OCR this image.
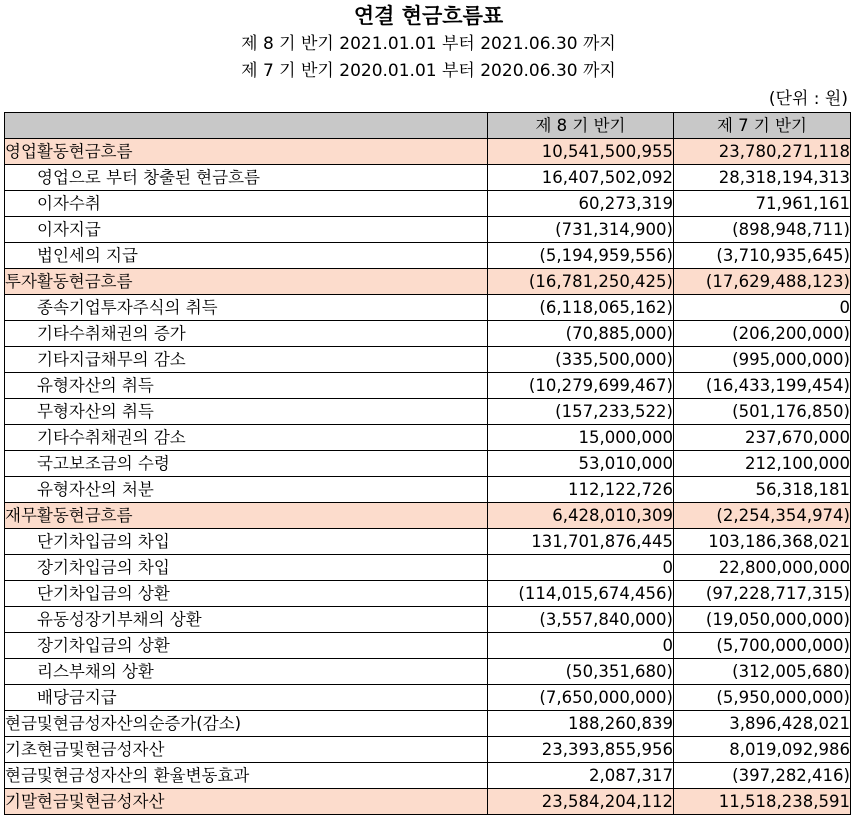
연결 현금흐름표
제 8 기 반기 2021.01.01 부터 2021.06.30 까지
제 7 기 반기 2020.01.01 부터 2020.06.30 까지
(단위 : 원)
	제 8 기 반기	제 7 기 반기
영업활동현금흐름	10,541,500,955	23,780,271,118
영업으로 부터 창출된 현금흐름	16,407,502,092	28,318,194,313
이자수취	60,273,319	71,961,161
이자지급	(731,314,900)	(898,948,711)
법인세의 지급	(5,194,959,556)	(3,710,935,645)
투자활동현금흐름	(16,781,250,425)	(17,629,488,123)
종속기업투자주식의 취득	(6,118,065,162)	0
기타수취채권의 증가	(70,885,000)	(206,200,000)
기타지급채무의 감소	(335,500,000)	(995,000,000)
유형자산의 취득	(10,279,699,467)	(16,433,199,454)
무형자산의 취득	(157,233,522)	(501,176,850)
기타수취채권의 감소	15,000,000	237,670,000
국고보조금의 수령	53,010,000	212,100,000
유형자산의 처분	112,122,726	56,318,181
재무활동현금흐름	6,428,010,309	(2,254,354,974)
단기차입금의 차입	131,701,876,445	103,186,368,021
장기차입금의 차입	0	22,800,000,000
단기차입금의 상환	(114,015,674,456)	(97,228,717,315)
유동성장기부채의 상환	(3,557,840,000)	(19,050,000,000)
장기차입금의 상환	0	(5,700,000,000)
리스부채의 상환	(50,351,680)	(312,005,680)
배당금지급	(7,650,000,000)	(5,950,000,000)
현금및현금성자산의순증가(감소)	188,260,839	3,896,428,021
기초현금및현금성자산	23,393,855,956	8,019,092,986
현금및현금성자산의 환율변동효과	2,087,317	(397,282,416)
기말현금및현금성자산	23,584,204,112	11,518,238,591
